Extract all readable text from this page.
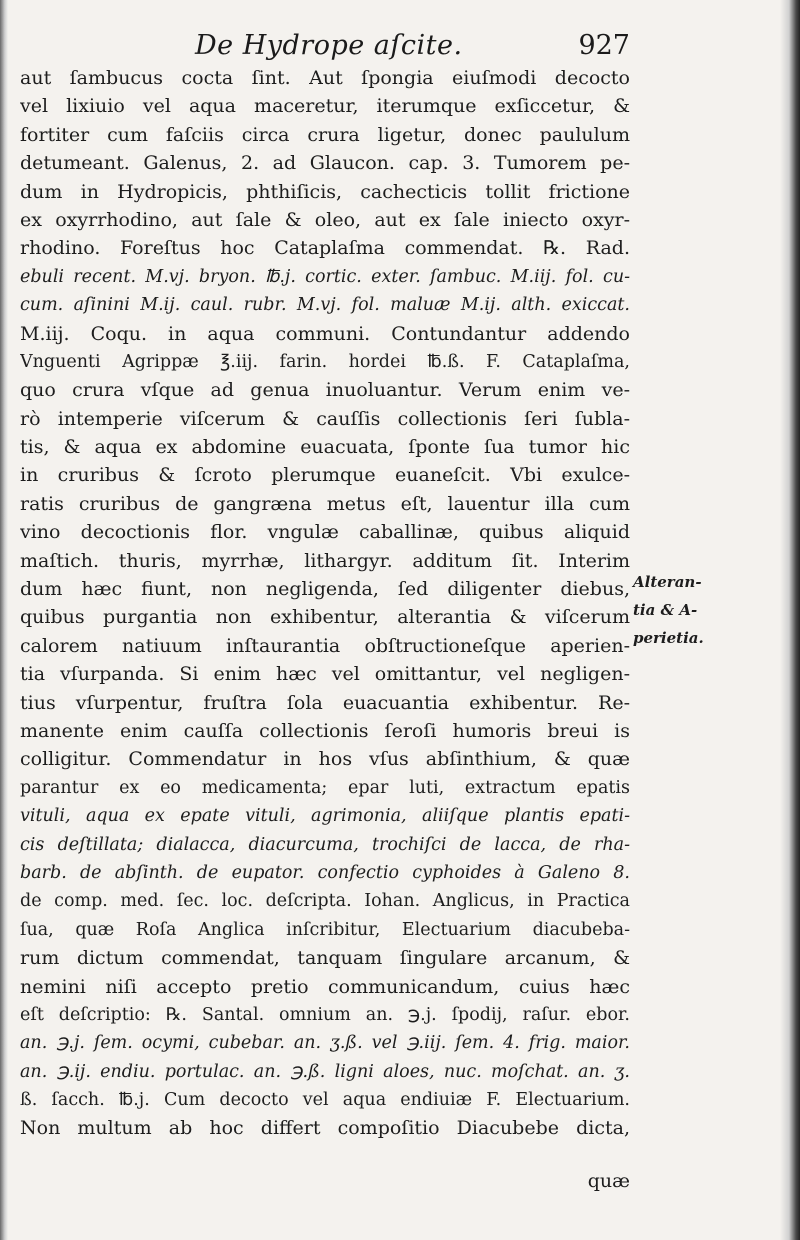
De Hydrope aſcite.	927
aut ſambucus cocta ſint. Aut ſpongia eiuſmodi decocto
vel lixiuio vel aqua maceretur, iterumque exſiccetur, &
fortiter cum faſciis circa crura ligetur, donec paululum
detumeant. Galenus, 2. ad Glaucon. cap. 3. Tumorem pe-
dum in Hydropicis, phthiſicis, cachecticis tollit frictione
ex oxyrrhodino, aut ſale & oleo, aut ex ſale iniecto oxyr-
rhodino. Foreſtus hoc Cataplaſma commendat. ℞. Rad.
ebuli recent. M.vj. bryon. ℔.j. cortic. exter. ſambuc. M.iij. fol. cu-
cum. aſinini M.ij. caul. rubr. M.vj. fol. maluæ M.ij. alth. exiccat.
M.iij. Coqu. in aqua communi. Contundantur addendo
Vnguenti Agrippæ ℥.iij. farin. hordei ℔.ß. F. Cataplaſma,
quo crura vſque ad genua inuoluantur. Verum enim ve-
rò intemperie viſcerum & cauſſis collectionis ſeri ſubla-
tis, & aqua ex abdomine euacuata, ſponte ſua tumor hic
in cruribus & ſcroto plerumque euaneſcit. Vbi exulce-
ratis cruribus de gangræna metus eſt, lauentur illa cum
vino decoctionis flor. vngulæ caballinæ, quibus aliquid
maſtich. thuris, myrrhæ, lithargyr. additum ſit. Interim
dum hæc fiunt, non negligenda, ſed diligenter diebus,
quibus purgantia non exhibentur, alterantia & viſcerum
calorem natiuum inſtaurantia obſtructioneſque aperien-
tia vſurpanda. Si enim hæc vel omittantur, vel negligen-
tius vſurpentur, fruſtra ſola euacuantia exhibentur. Re-
manente enim cauſſa collectionis ſeroſi humoris breui is
colligitur. Commendatur in hos vſus abſinthium, & quæ
parantur ex eo medicamenta; epar luti, extractum epatis
vituli, aqua ex epate vituli, agrimonia, aliiſque plantis epati-
cis deſtillata; dialacca, diacurcuma, trochiſci de lacca, de rha-
barb. de abſinth. de eupator. confectio cyphoides à Galeno 8.
de comp. med. ſec. loc. deſcripta. Iohan. Anglicus, in Practica
ſua, quæ Roſa Anglica inſcribitur, Electuarium diacubeba-
rum dictum commendat, tanquam ſingulare arcanum, &
nemini niſi accepto pretio communicandum, cuius hæc
eſt deſcriptio: ℞. Santal. omnium an. ℈.j. ſpodij, raſur. ebor.
an. ℈.j. ſem. ocymi, cubebar. an. ʒ.ß. vel ℈.iij. ſem. 4. frig. maior.
an. ℈.ij. endiu. portulac. an. ℈.ß. ligni aloes, nuc. moſchat. an. ʒ.
ß. ſacch. ℔.j. Cum decocto vel aqua endiuiæ F. Electuarium.
Non multum ab hoc differt compoſitio Diacubebe dicta,
Alteran-
tia & A-
perietia.
quæ
